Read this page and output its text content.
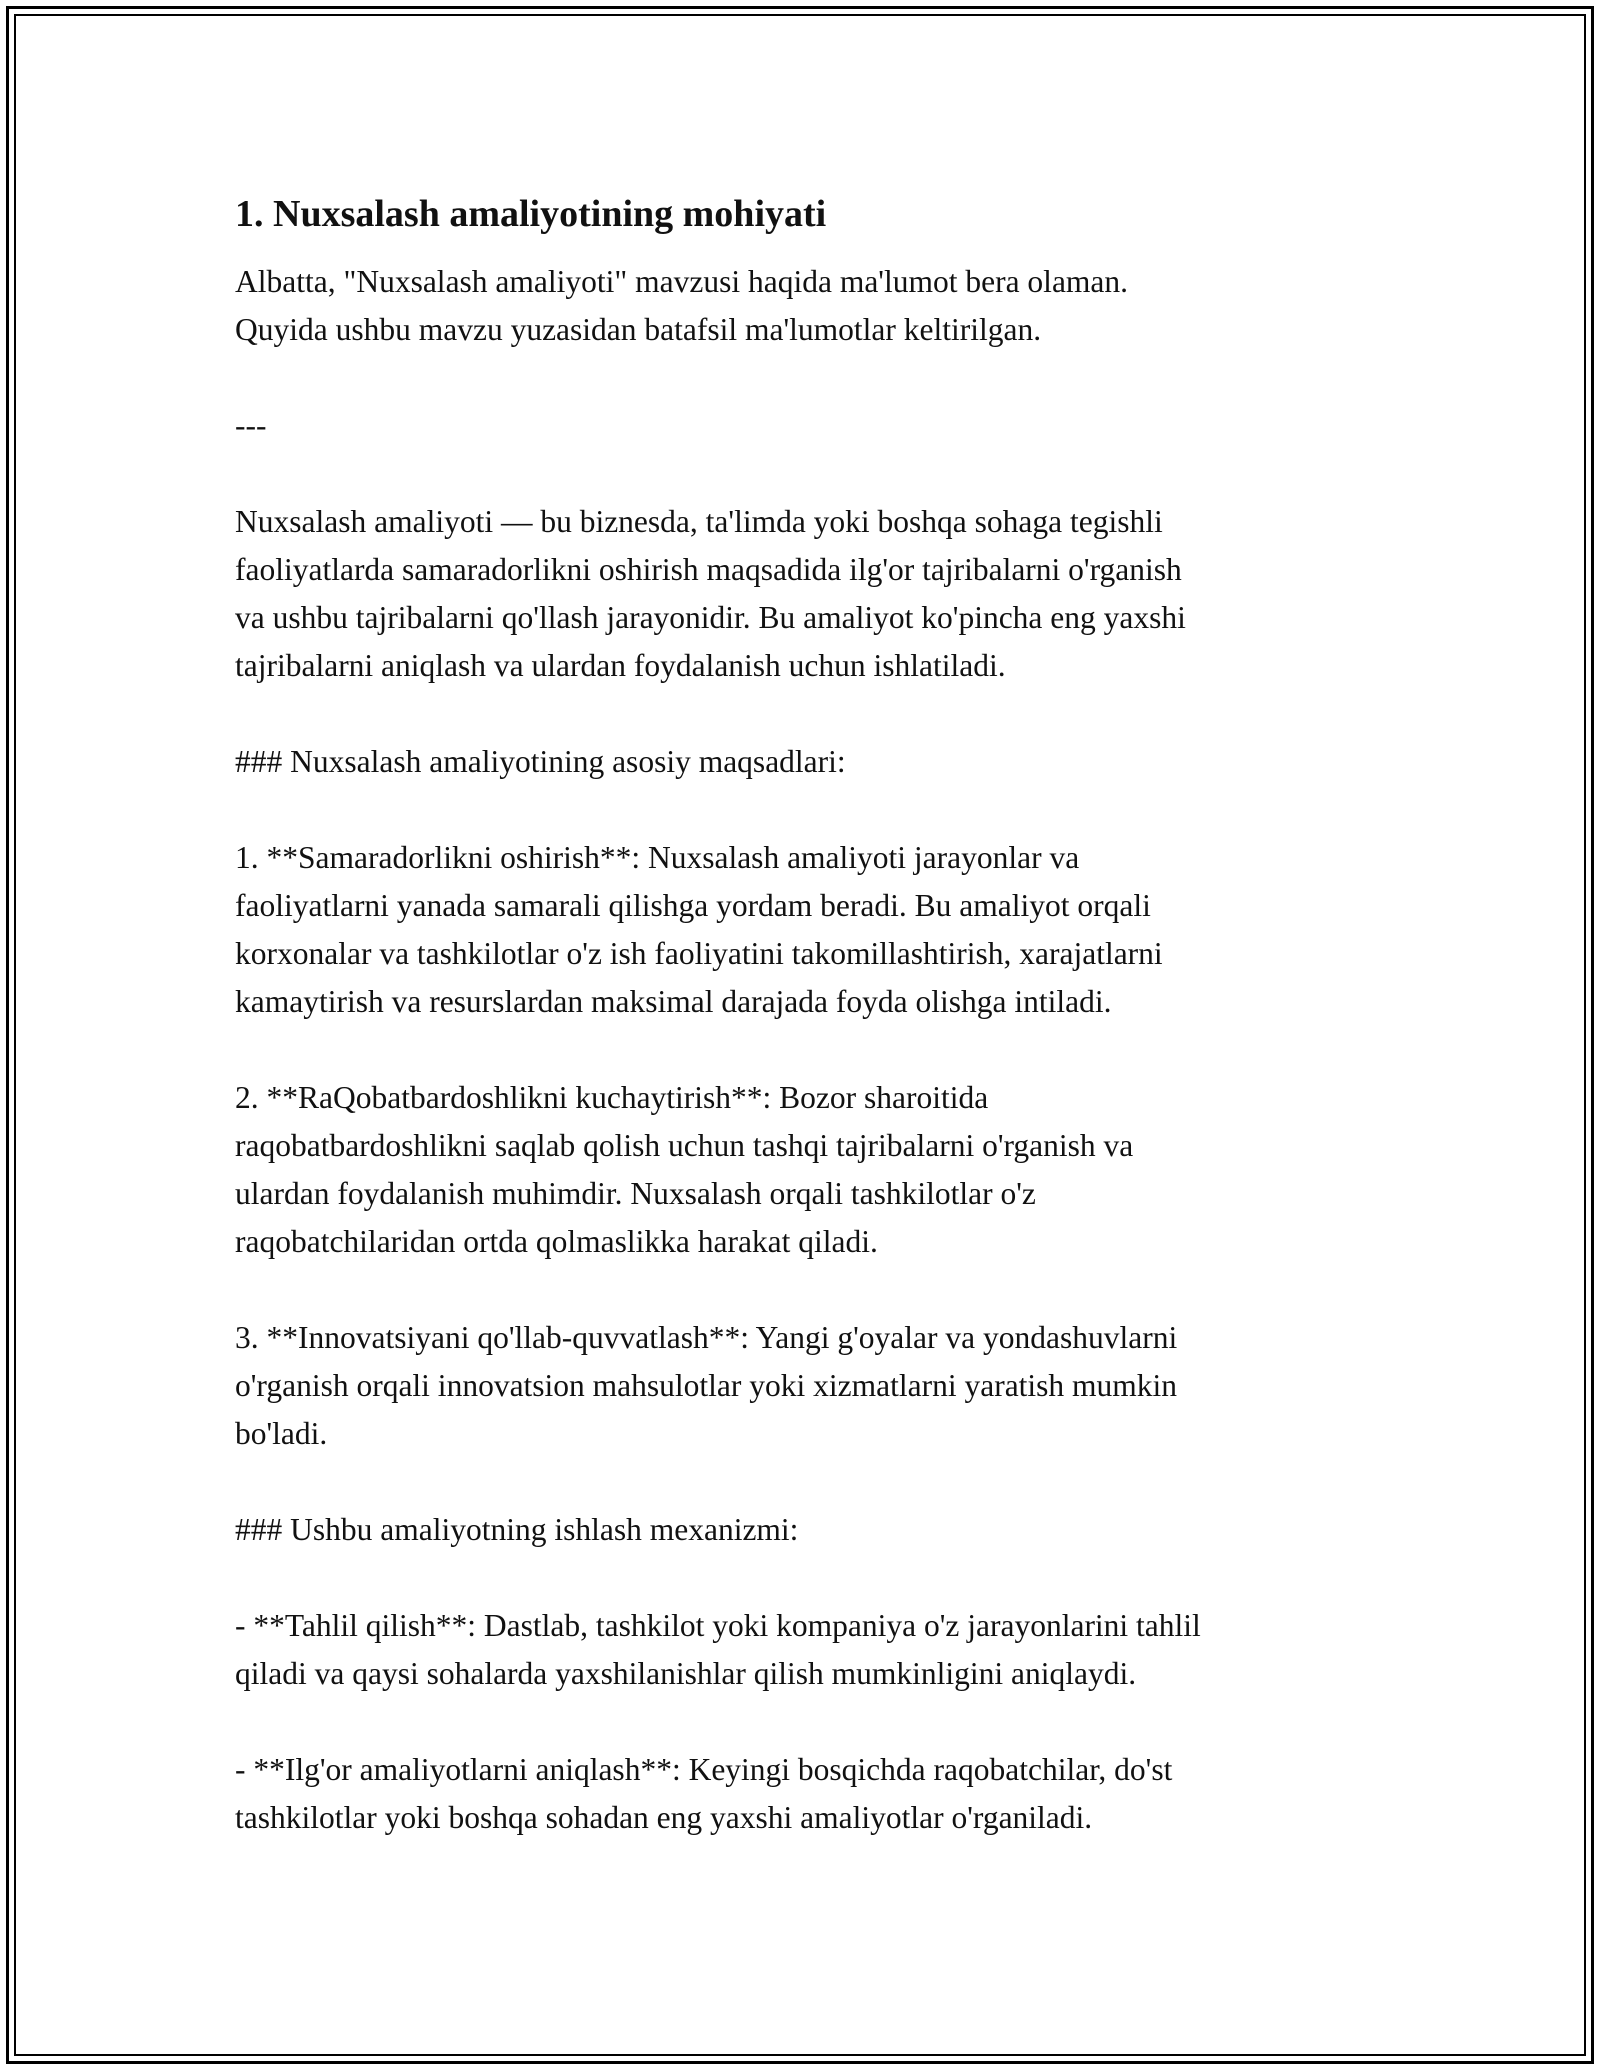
1. Nuxsalash amaliyotining mohiyati

Albatta, "Nuxsalash amaliyoti" mavzusi haqida ma'lumot bera olaman.
Quyida ushbu mavzu yuzasidan batafsil ma'lumotlar keltirilgan.

---

Nuxsalash amaliyoti — bu biznesda, ta'limda yoki boshqa sohaga tegishli
faoliyatlarda samaradorlikni oshirish maqsadida ilg'or tajribalarni o'rganish
va ushbu tajribalarni qo'llash jarayonidir. Bu amaliyot ko'pincha eng yaxshi
tajribalarni aniqlash va ulardan foydalanish uchun ishlatiladi.

### Nuxsalash amaliyotining asosiy maqsadlari:

1. **Samaradorlikni oshirish**: Nuxsalash amaliyoti jarayonlar va
faoliyatlarni yanada samarali qilishga yordam beradi. Bu amaliyot orqali
korxonalar va tashkilotlar o'z ish faoliyatini takomillashtirish, xarajatlarni
kamaytirish va resurslardan maksimal darajada foyda olishga intiladi.

2. **RaQobatbardoshlikni kuchaytirish**: Bozor sharoitida
raqobatbardoshlikni saqlab qolish uchun tashqi tajribalarni o'rganish va
ulardan foydalanish muhimdir. Nuxsalash orqali tashkilotlar o'z
raqobatchilaridan ortda qolmaslikka harakat qiladi.

3. **Innovatsiyani qo'llab-quvvatlash**: Yangi g'oyalar va yondashuvlarni
o'rganish orqali innovatsion mahsulotlar yoki xizmatlarni yaratish mumkin
bo'ladi.

### Ushbu amaliyotning ishlash mexanizmi:

- **Tahlil qilish**: Dastlab, tashkilot yoki kompaniya o'z jarayonlarini tahlil
qiladi va qaysi sohalarda yaxshilanishlar qilish mumkinligini aniqlaydi.

- **Ilg'or amaliyotlarni aniqlash**: Keyingi bosqichda raqobatchilar, do'st
tashkilotlar yoki boshqa sohadan eng yaxshi amaliyotlar o'rganiladi.
